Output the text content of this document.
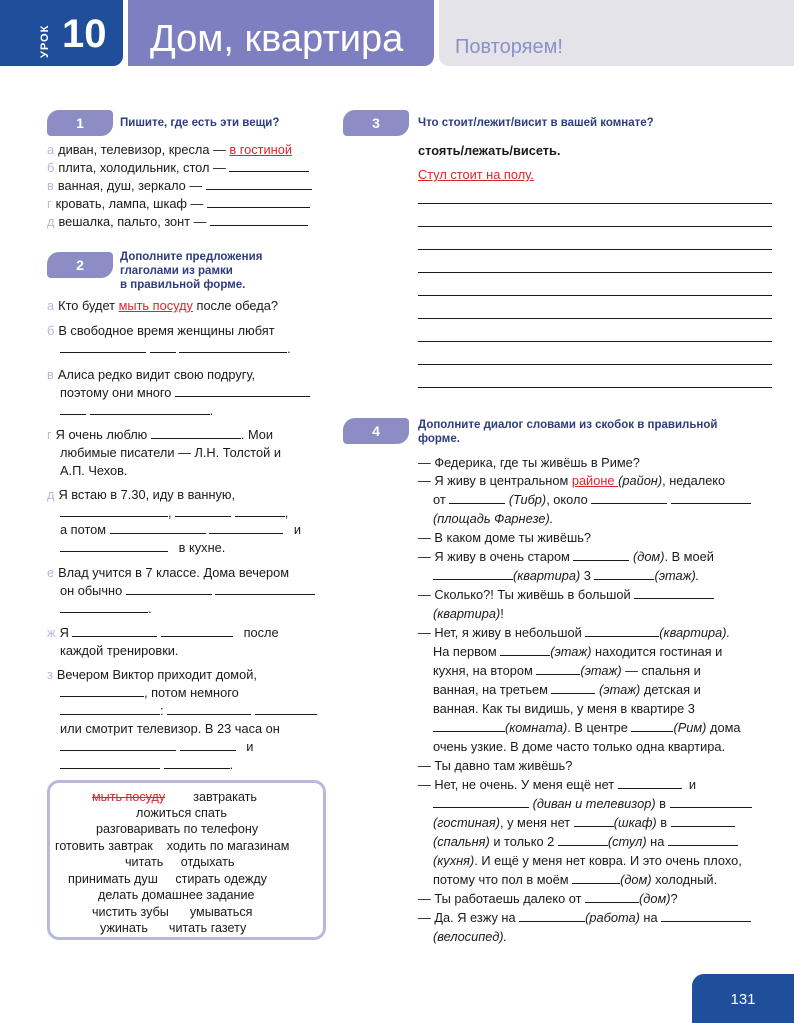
УРОК 10 Дом, квартира	Повторяем!
1	Пишите, где есть эти вещи?
а диван, телевизор, кресла — в гостиной
б плита, холодильник, стол —
в ванная, душ, зеркало —
г кровать, лампа, шкаф —
д вешалка, пальто, зонт —
2	Дополните предложения
глаголами из рамки
в правильной форме.
а Кто будет мыть посуду после обеда?
б В свободное время женщины любят
.
в Алиса редко видит свою подругу,
поэтому они много
.
г Я очень люблю	. Мои
любимые писатели — Л.Н. Толстой и
А.П. Чехов.
д Я встаю в 7.30, иду в ванную,
,	,
а потом	и
в кухне.
е Влад учится в 7 классе. Дома вечером
он обычно
.
ж Я	после
каждой тренировки.
з Вечером Виктор приходит домой,
, потом немного
:
или смотрит телевизор. В 23 часа он
и
.
мыть посуду завтракать
ложиться спать
разговаривать по телефону
готовить завтрак ходить по магазинам
читать отдыхать
принимать душ стирать одежду
делать домашнее задание
чистить зубы умываться
ужинать читать газету
3	Что стоит/лежит/висит в вашей комнате?
стоять/лежать/висеть.
Стул стоит на полу.
4	Дополните диалог словами из скобок в правильной
форме.
— Федерика, где ты живёшь в Риме?
— Я живу в центральном районе (район), недалеко
от	(Тибр), около
(площадь Фарнезе).
— В каком доме ты живёшь?
— Я живу в очень старом	(дом). В моей
(квартира) 3	(этаж).
— Сколько?! Ты живёшь в большой
(квартира)!
— Нет, я живу в небольшой	(квартира).
На первом	(этаж) находится гостиная и
кухня, на втором	(этаж) — спальня и
ванная, на третьем	(этаж) детская и
ванная. Как ты видишь, у меня в квартире 3
(комната). В центре	(Рим) дома
очень узкие. В доме часто только одна квартира.
— Ты давно там живёшь?
— Нет, не очень. У меня ещё нет	и
(диван и телевизор) в
(гостиная), у меня нет	(шкаф) в
(спальня) и только 2	(стул) на
(кухня). И ещё у меня нет ковра. И это очень плохо,
потому что пол в моём	(дом) холодный.
— Ты работаешь далеко от	(дом)?
— Да. Я езжу на	(работа) на
(велосипед).
131
